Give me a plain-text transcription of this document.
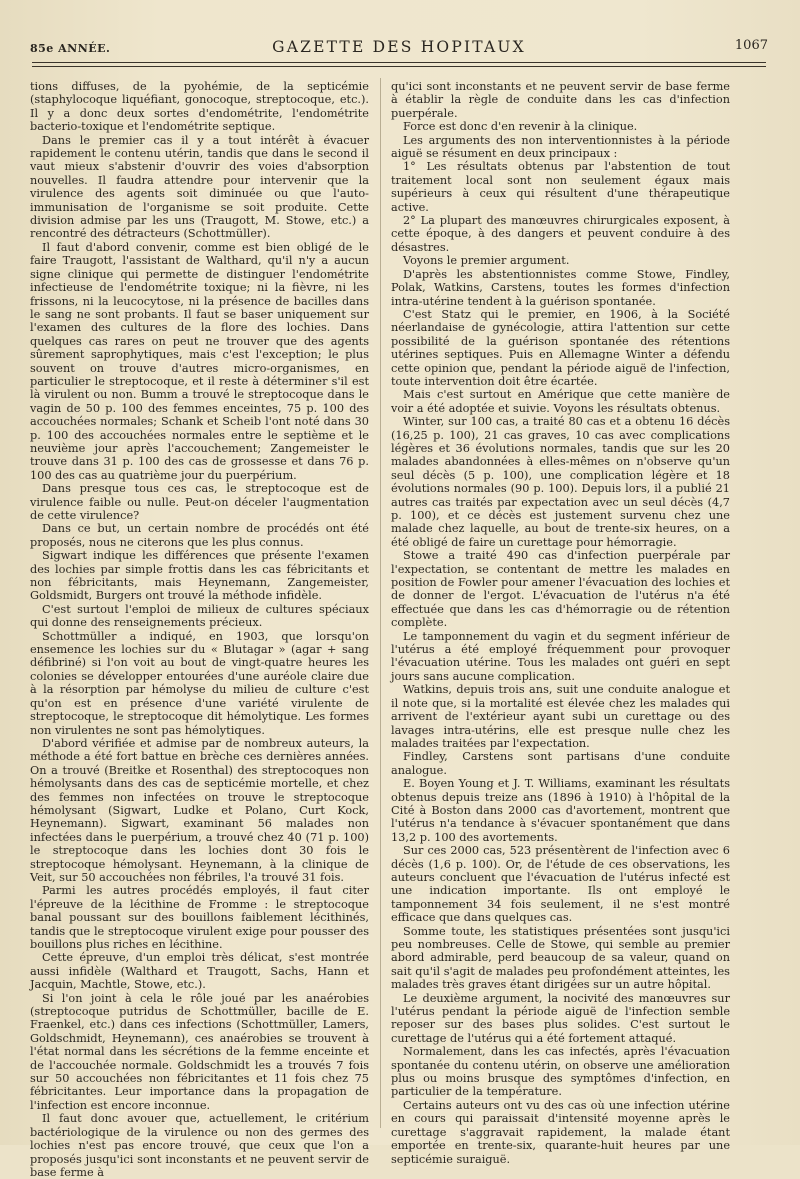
85e ANNÉE.	GAZETTE DES HOPITAUX	1067

tions diffuses, de la pyohémie, de la septicémie (staphylocoque liquéfiant, gonocoque, streptocoque, etc.). Il y a donc deux sortes d'endométrite, l'endométrite bacterio-toxique et l'endométrite septique.

Dans le premier cas il y a tout intérêt à évacuer rapidement le contenu utérin, tandis que dans le second il vaut mieux s'abstenir d'ouvrir des voies d'absorption nouvelles. Il faudra attendre pour intervenir que la virulence des agents soit diminuée ou que l'auto-immunisation de l'organisme se soit produite. Cette division admise par les uns (Traugott, M. Stowe, etc.) a rencontré des détracteurs (Schottmüller).

Il faut d'abord convenir, comme est bien obligé de le faire Traugott, l'assistant de Walthard, qu'il n'y a aucun signe clinique qui permette de distinguer l'endométrite infectieuse de l'endométrite toxique; ni la fièvre, ni les frissons, ni la leucocytose, ni la présence de bacilles dans le sang ne sont probants. Il faut se baser uniquement sur l'examen des cultures de la flore des lochies. Dans quelques cas rares on peut ne trouver que des agents sûrement saprophytiques, mais c'est l'exception; le plus souvent on trouve d'autres micro-organismes, en particulier le streptocoque, et il reste à déterminer s'il est là virulent ou non. Bumm a trouvé le streptocoque dans le vagin de 50 p. 100 des femmes enceintes, 75 p. 100 des accouchées normales; Schank et Scheib l'ont noté dans 30 p. 100 des accouchées normales entre le septième et le neuvième jour après l'accouchement; Zangemeister le trouve dans 31 p. 100 des cas de grossesse et dans 76 p. 100 des cas au quatrième jour du puerpérium.

Dans presque tous ces cas, le streptocoque est de virulence faible ou nulle. Peut-on déceler l'augmentation de cette virulence?

Dans ce but, un certain nombre de procédés ont été proposés, nous ne citerons que les plus connus.

Sigwart indique les différences que présente l'examen des lochies par simple frottis dans les cas fébricitants et non fébricitants, mais Heynemann, Zangemeister, Goldsmidt, Burgers ont trouvé la méthode infidèle.

C'est surtout l'emploi de milieux de cultures spéciaux qui donne des renseignements précieux.

Schottmüller a indiqué, en 1903, que lorsqu'on ensemence les lochies sur du « Blutagar » (agar + sang défibriné) si l'on voit au bout de vingt-quatre heures les colonies se développer entourées d'une auréole claire due à la résorption par hémolyse du milieu de culture c'est qu'on est en présence d'une variété virulente de streptocoque, le streptocoque dit hémolytique. Les formes non virulentes ne sont pas hémolytiques.

D'abord vérifiée et admise par de nombreux auteurs, la méthode a été fort battue en brèche ces dernières années. On a trouvé (Breitke et Rosenthal) des streptocoques non hémolysants dans des cas de septicémie mortelle, et chez des femmes non infectées on trouve le streptocoque hémolysant (Sigwart, Ludke et Polano, Curt Kock, Heynemann). Sigwart, examinant 56 malades non infectées dans le puerpérium, a trouvé chez 40 (71 p. 100) le streptocoque dans les lochies dont 30 fois le streptocoque hémolysant. Heynemann, à la clinique de Veit, sur 50 accouchées non fébriles, l'a trouvé 31 fois.

Parmi les autres procédés employés, il faut citer l'épreuve de la lécithine de Fromme : le streptocoque banal poussant sur des bouillons faiblement lécithinés, tandis que le streptocoque virulent exige pour pousser des bouillons plus riches en lécithine.

Cette épreuve, d'un emploi très délicat, s'est montrée aussi infidèle (Walthard et Traugott, Sachs, Hann et Jacquin, Machtle, Stowe, etc.).

Si l'on joint à cela le rôle joué par les anaérobies (streptocoque putridus de Schottmüller, bacille de E. Fraenkel, etc.) dans ces infections (Schottmüller, Lamers, Goldschmidt, Heynemann), ces anaérobies se trouvent à l'état normal dans les sécrétions de la femme enceinte et de l'accouchée normale. Goldschmidt les a trouvés 7 fois sur 50 accouchées non fébricitantes et 11 fois chez 75 fébricitantes. Leur importance dans la propagation de l'infection est encore inconnue.

Il faut donc avouer que, actuellement, le critérium bactériologique de la virulence ou non des germes des lochies n'est pas encore trouvé, que ceux que l'on a proposés jusqu'ici sont inconstants et ne peuvent servir de base ferme à

qu'ici sont inconstants et ne peuvent servir de base ferme à établir la règle de conduite dans les cas d'infection puerpérale.

Force est donc d'en revenir à la clinique.

Les arguments des non interventionnistes à la période aiguë se résument en deux principaux :

1° Les résultats obtenus par l'abstention de tout traitement local sont non seulement égaux mais supérieurs à ceux qui résultent d'une thérapeutique active.

2° La plupart des manœuvres chirurgicales exposent, à cette époque, à des dangers et peuvent conduire à des désastres.

Voyons le premier argument.

D'après les abstentionnistes comme Stowe, Findley, Polak, Watkins, Carstens, toutes les formes d'infection intra-utérine tendent à la guérison spontanée.

C'est Statz qui le premier, en 1906, à la Société néerlandaise de gynécologie, attira l'attention sur cette possibilité de la guérison spontanée des rétentions utérines septiques. Puis en Allemagne Winter a défendu cette opinion que, pendant la période aiguë de l'infection, toute intervention doit être écartée.

Mais c'est surtout en Amérique que cette manière de voir a été adoptée et suivie. Voyons les résultats obtenus.

Winter, sur 100 cas, a traité 80 cas et a obtenu 16 décès (16,25 p. 100), 21 cas graves, 10 cas avec complications légères et 36 évolutions normales, tandis que sur les 20 malades abandonnées à elles-mêmes on n'observe qu'un seul décès (5 p. 100), une complication légère et 18 évolutions normales (90 p. 100). Depuis lors, il a publié 21 autres cas traités par expectation avec un seul décès (4,7 p. 100), et ce décès est justement survenu chez une malade chez laquelle, au bout de trente-six heures, on a été obligé de faire un curettage pour hémorragie.

Stowe a traité 490 cas d'infection puerpérale par l'expectation, se contentant de mettre les malades en position de Fowler pour amener l'évacuation des lochies et de donner de l'ergot. L'évacuation de l'utérus n'a été effectuée que dans les cas d'hémorragie ou de rétention complète.

Le tamponnement du vagin et du segment inférieur de l'utérus a été employé fréquemment pour provoquer l'évacuation utérine. Tous les malades ont guéri en sept jours sans aucune complication.

Watkins, depuis trois ans, suit une conduite analogue et il note que, si la mortalité est élevée chez les malades qui arrivent de l'extérieur ayant subi un curettage ou des lavages intra-utérins, elle est presque nulle chez les malades traitées par l'expectation.

Findley, Carstens sont partisans d'une conduite analogue.

E. Boyen Young et J. T. Williams, examinant les résultats obtenus depuis treize ans (1896 à 1910) à l'hôpital de la Cité à Boston dans 2000 cas d'avortement, montrent que l'utérus n'a tendance à s'évacuer spontanément que dans 13,2 p. 100 des avortements.

Sur ces 2000 cas, 523 présentèrent de l'infection avec 6 décès (1,6 p. 100). Or, de l'étude de ces observations, les auteurs concluent que l'évacuation de l'utérus infecté est une indication importante. Ils ont employé le tamponnement 34 fois seulement, il ne s'est montré efficace que dans quelques cas.

Somme toute, les statistiques présentées sont jusqu'ici peu nombreuses. Celle de Stowe, qui semble au premier abord admirable, perd beaucoup de sa valeur, quand on sait qu'il s'agit de malades peu profondément atteintes, les malades très graves étant dirigées sur un autre hôpital.

Le deuxième argument, la nocivité des manœuvres sur l'utérus pendant la période aiguë de l'infection semble reposer sur des bases plus solides. C'est surtout le curettage de l'utérus qui a été fortement attaqué.

Normalement, dans les cas infectés, après l'évacuation spontanée du contenu utérin, on observe une amélioration plus ou moins brusque des symptômes d'infection, en particulier de la température.

Certains auteurs ont vu des cas où une infection utérine en cours qui paraissait d'intensité moyenne après le curettage s'aggravait rapidement, la malade étant emportée en trente-six, quarante-huit heures par une septicémie suraiguë.
